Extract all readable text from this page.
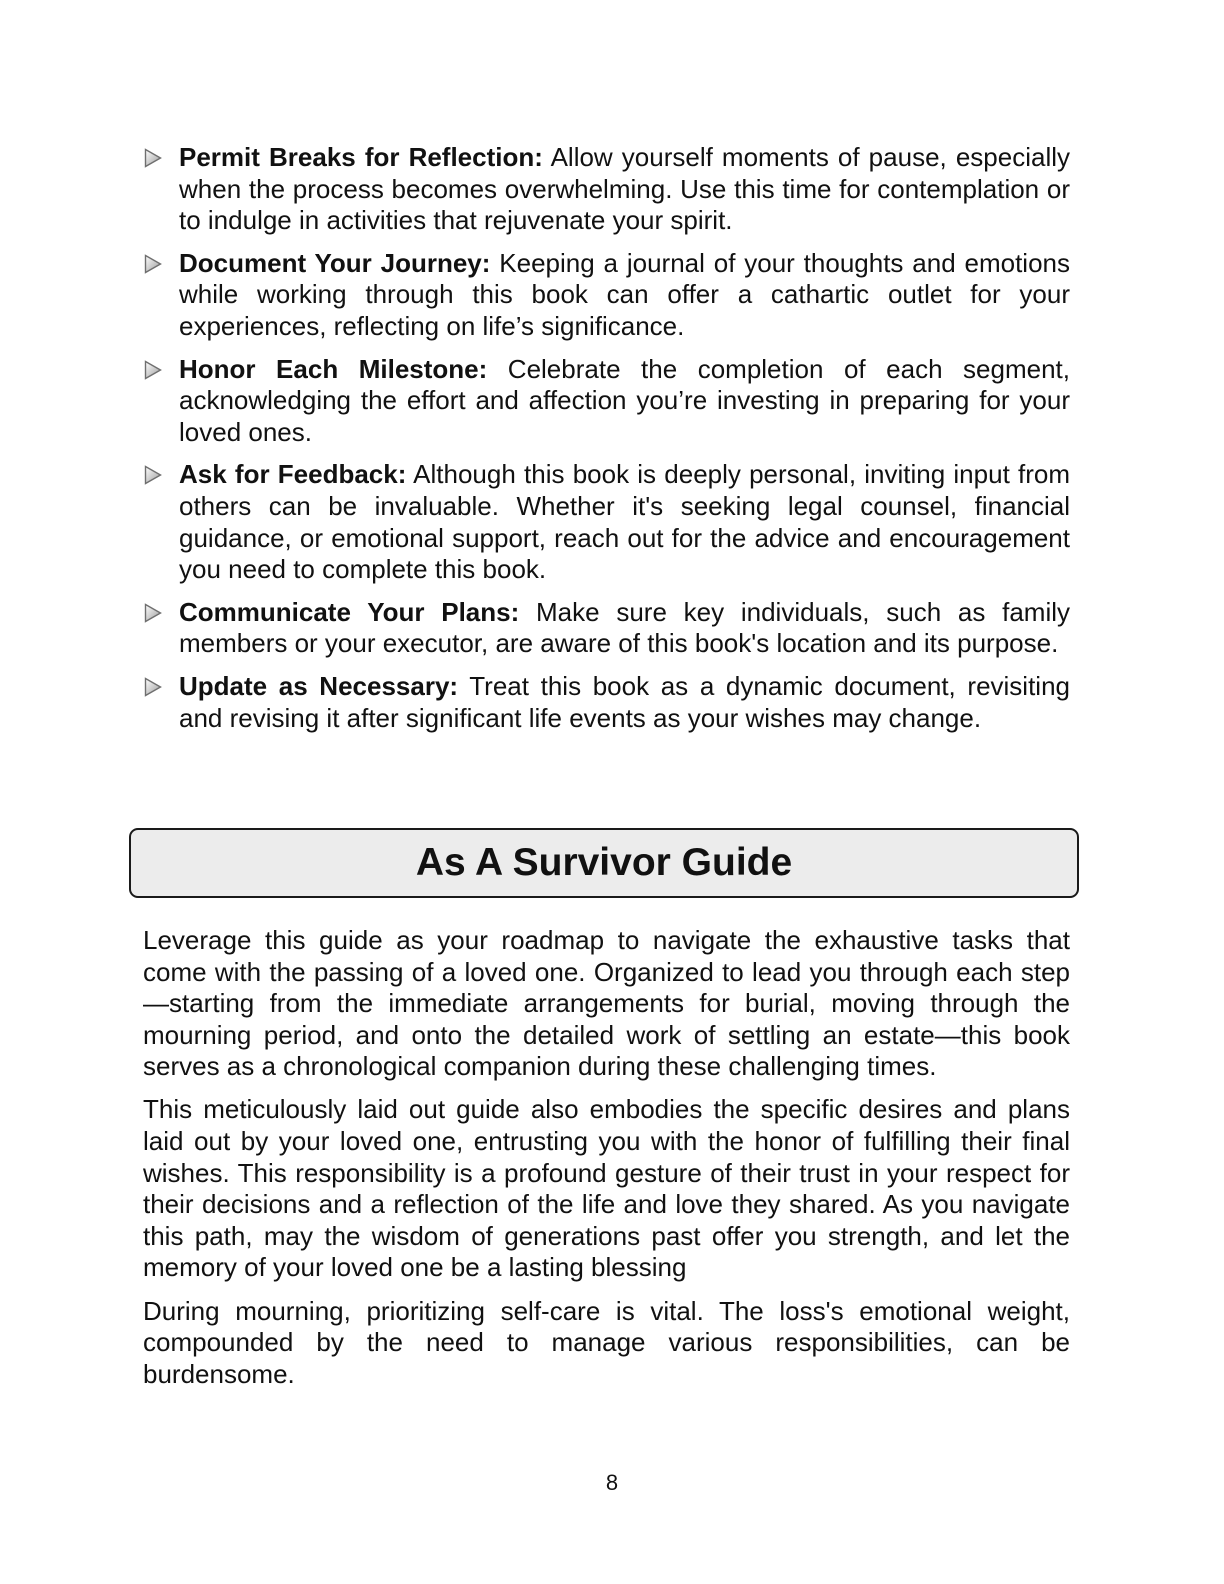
Permit Breaks for Reflection: Allow yourself moments of pause, especially when the process becomes overwhelming. Use this time for contemplation or to indulge in activities that rejuvenate your spirit.
Document Your Journey: Keeping a journal of your thoughts and emotions while working through this book can offer a cathartic outlet for your experiences, reflecting on life’s significance.
Honor Each Milestone: Celebrate the completion of each segment, acknowledging the effort and affection you’re investing in preparing for your loved ones.
Ask for Feedback: Although this book is deeply personal, inviting input from others can be invaluable. Whether it's seeking legal counsel, financial guidance, or emotional support, reach out for the advice and encouragement you need to complete this book.
Communicate Your Plans: Make sure key individuals, such as family members or your executor, are aware of this book's location and its purpose.
Update as Necessary: Treat this book as a dynamic document, revisiting and revising it after significant life events as your wishes may change.
As A Survivor Guide

Leverage this guide as your roadmap to navigate the exhaustive tasks that come with the passing of a loved one. Organized to lead you through each step—starting from the immediate arrangements for burial, moving through the mourning period, and onto the detailed work of settling an estate—this book serves as a chronological companion during these challenging times.

This meticulously laid out guide also embodies the specific desires and plans laid out by your loved one, entrusting you with the honor of fulfilling their final wishes. This responsibility is a profound gesture of their trust in your respect for their decisions and a reflection of the life and love they shared. As you navigate this path, may the wisdom of generations past offer you strength, and let the memory of your loved one be a lasting blessing

During mourning, prioritizing self-care is vital. The loss's emotional weight, compounded by the need to manage various responsibilities, can be burdensome.

8
